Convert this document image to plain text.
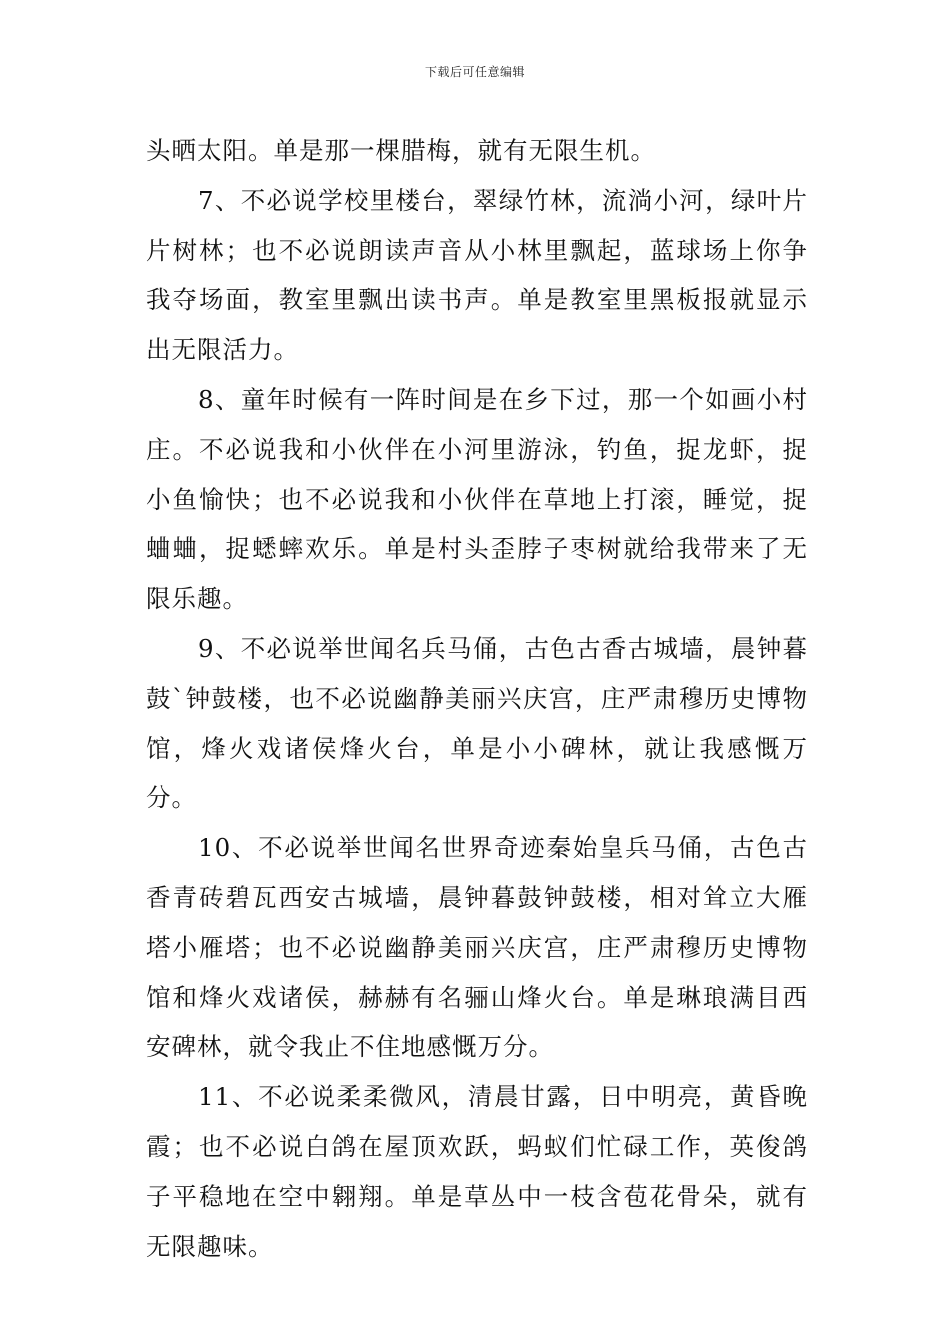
下载后可任意编辑

头晒太阳。单是那一棵腊梅，就有无限生机。

7、不必说学校里楼台，翠绿竹林，流淌小河，绿叶片片树林；也不必说朗读声音从小林里飘起，蓝球场上你争我夺场面，教室里飘出读书声。单是教室里黑板报就显示出无限活力。

8、童年时候有一阵时间是在乡下过，那一个如画小村庄。不必说我和小伙伴在小河里游泳，钓鱼，捉龙虾，捉小鱼愉快；也不必说我和小伙伴在草地上打滚，睡觉，捉蛐蛐，捉蟋蟀欢乐。单是村头歪脖子枣树就给我带来了无限乐趣。

9、不必说举世闻名兵马俑，古色古香古城墙，晨钟暮鼓`钟鼓楼，也不必说幽静美丽兴庆宫，庄严肃穆历史博物馆，烽火戏诸侯烽火台，单是小小碑林，就让我感慨万分。

10、不必说举世闻名世界奇迹秦始皇兵马俑，古色古香青砖碧瓦西安古城墙，晨钟暮鼓钟鼓楼，相对耸立大雁塔小雁塔；也不必说幽静美丽兴庆宫，庄严肃穆历史博物馆和烽火戏诸侯，赫赫有名骊山烽火台。单是琳琅满目西安碑林，就令我止不住地感慨万分。

11、不必说柔柔微风，清晨甘露，日中明亮，黄昏晚霞；也不必说白鸽在屋顶欢跃，蚂蚁们忙碌工作，英俊鸽子平稳地在空中翱翔。单是草丛中一枝含苞花骨朵，就有无限趣味。
